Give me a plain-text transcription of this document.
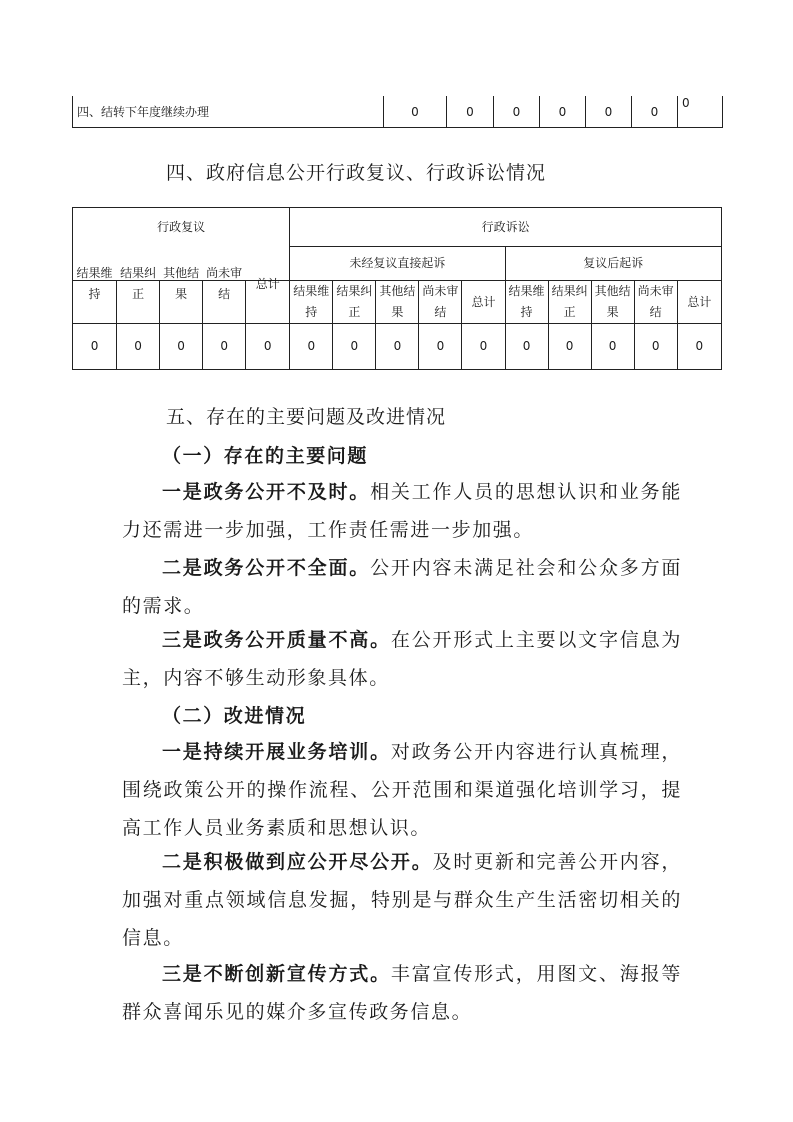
四、结转下年度继续办理	0	0	0	0	0	0	0
四、政府信息公开行政复议、行政诉讼情况
行政复议					行政诉讼									
					未经复议直接起诉					复议后起诉				
结果维持	结果纠正	其他结果	尚未审结	总计	结果维持	结果纠正	其他结果	尚未审结	总计	结果维持	结果纠正	其他结果	尚未审结	总计
0	0	0	0	0	0	0	0	0	0	0	0	0	0	0
五、存在的主要问题及改进情况

（一）存在的主要问题

一是政务公开不及时。相关工作人员的思想认识和业务能力还需进一步加强，工作责任需进一步加强。

二是政务公开不全面。公开内容未满足社会和公众多方面的需求。

三是政务公开质量不高。在公开形式上主要以文字信息为主，内容不够生动形象具体。

（二）改进情况

一是持续开展业务培训。对政务公开内容进行认真梳理，围绕政策公开的操作流程、公开范围和渠道强化培训学习，提高工作人员业务素质和思想认识。

二是积极做到应公开尽公开。及时更新和完善公开内容，加强对重点领域信息发掘，特别是与群众生产生活密切相关的信息。

三是不断创新宣传方式。丰富宣传形式，用图文、海报等群众喜闻乐见的媒介多宣传政务信息。
